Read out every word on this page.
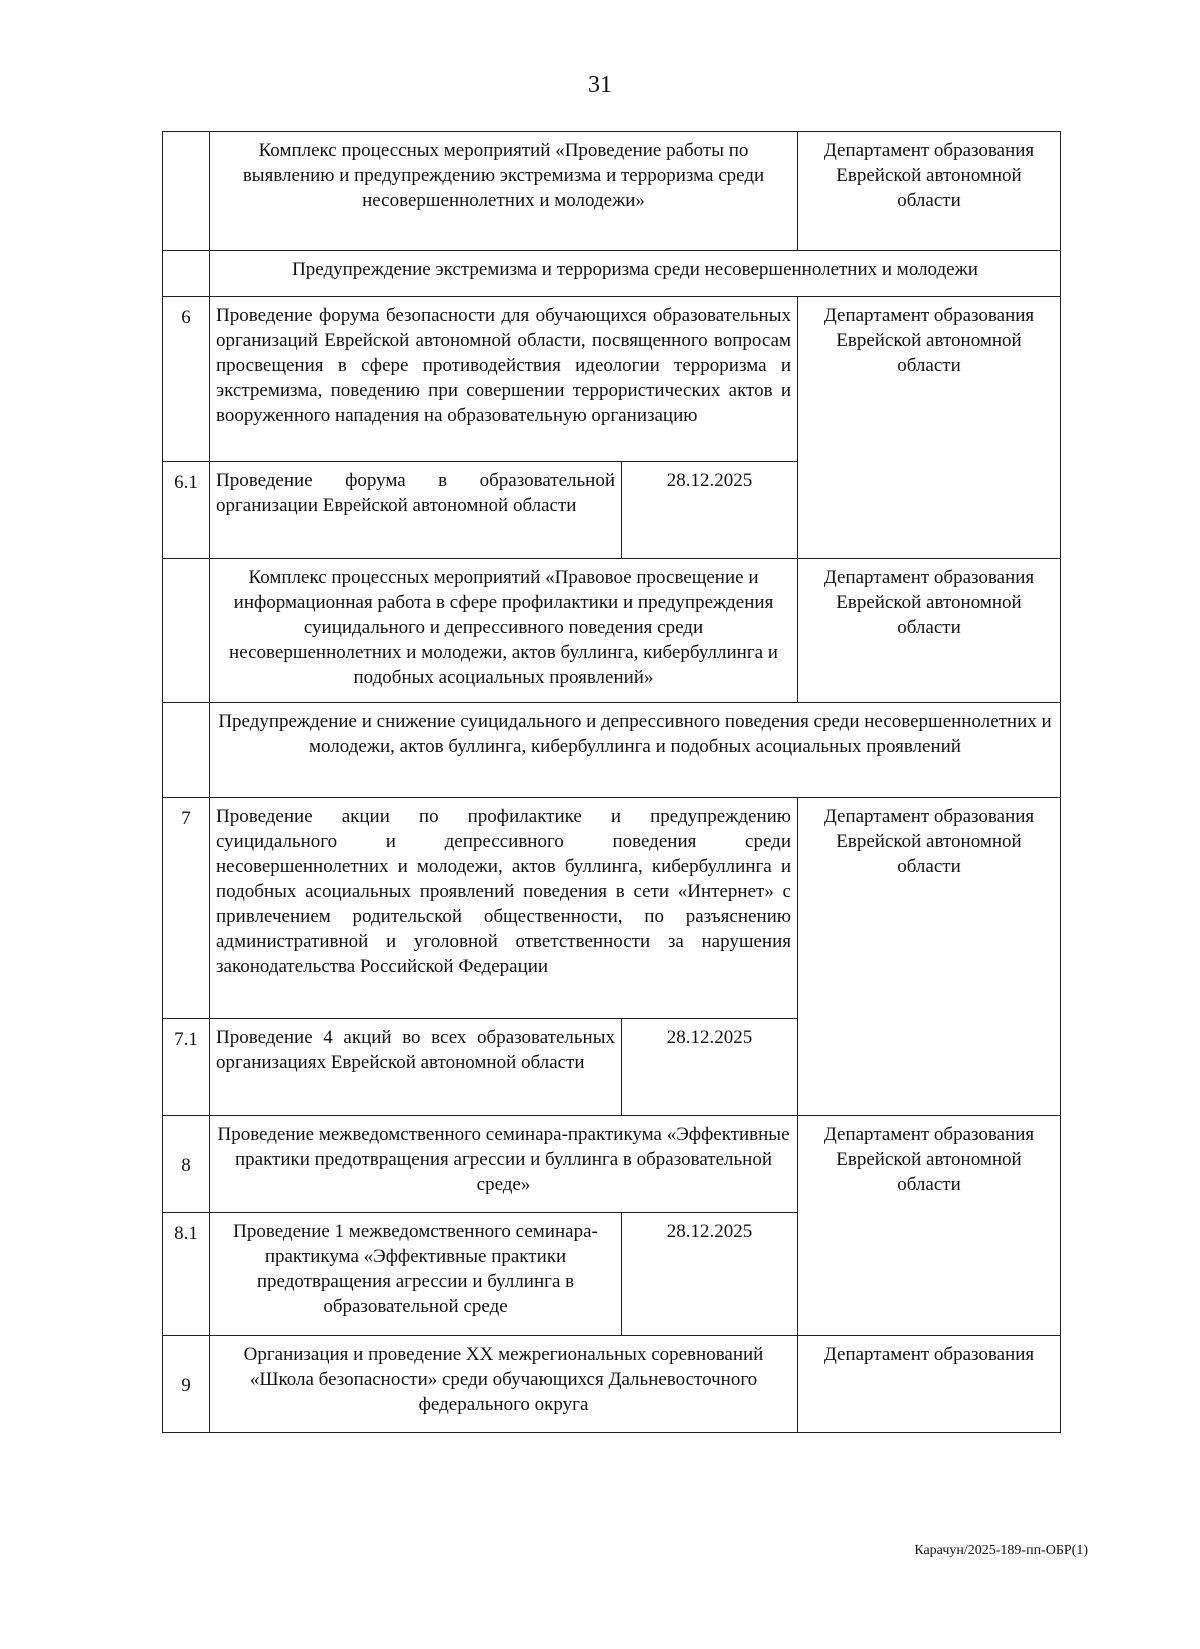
31
	Комплекс процессных мероприятий «Проведение работы по выявлению и предупреждению экстремизма и терроризма среди несовершеннолетних и молодежи»		Департамент образования Еврейской автономной области
	Предупреждение экстремизма и терроризма среди несовершеннолетних и молодежи		
6	Проведение форума безопасности для обучающихся образовательных организаций Еврейской автономной области, посвященного вопросам просвещения в сфере противодействия идеологии терроризма и экстремизма, поведению при совершении террористических актов и вооруженного нападения на образовательную организацию		Департамент образования Еврейской автономной области
6.1	Проведение форума в образовательной организации Еврейской автономной области	28.12.2025	
	Комплекс процессных мероприятий «Правовое просвещение и информационная работа в сфере профилактики и предупреждения суицидального и депрессивного поведения среди несовершеннолетних и молодежи, актов буллинга, кибербуллинга и подобных асоциальных проявлений»		Департамент образования Еврейской автономной области
	Предупреждение и снижение суицидального и депрессивного поведения среди несовершеннолетних и молодежи, актов буллинга, кибербуллинга и подобных асоциальных проявлений		
7	Проведение акции по профилактике и предупреждению суицидального и депрессивного поведения среди несовершеннолетних и молодежи, актов буллинга, кибербуллинга и подобных асоциальных проявлений поведения в сети «Интернет» с привлечением родительской общественности, по разъяснению административной и уголовной ответственности за нарушения законодательства Российской Федерации		Департамент образования Еврейской автономной области
7.1	Проведение 4 акций во всех образовательных организациях Еврейской автономной области	28.12.2025	
8	Проведение межведомственного семинара-практикума «Эффективные практики предотвращения агрессии и буллинга в образовательной среде»		Департамент образования Еврейской автономной области
8.1	Проведение 1 межведомственного семинара-практикума «Эффективные практики предотвращения агрессии и буллинга в образовательной среде	28.12.2025	
9	Организация и проведение XX межрегиональных соревнований «Школа безопасности» среди обучающихся Дальневосточного федерального округа		Департамент образования
Карачун/2025-189-пп-ОБР(1)
